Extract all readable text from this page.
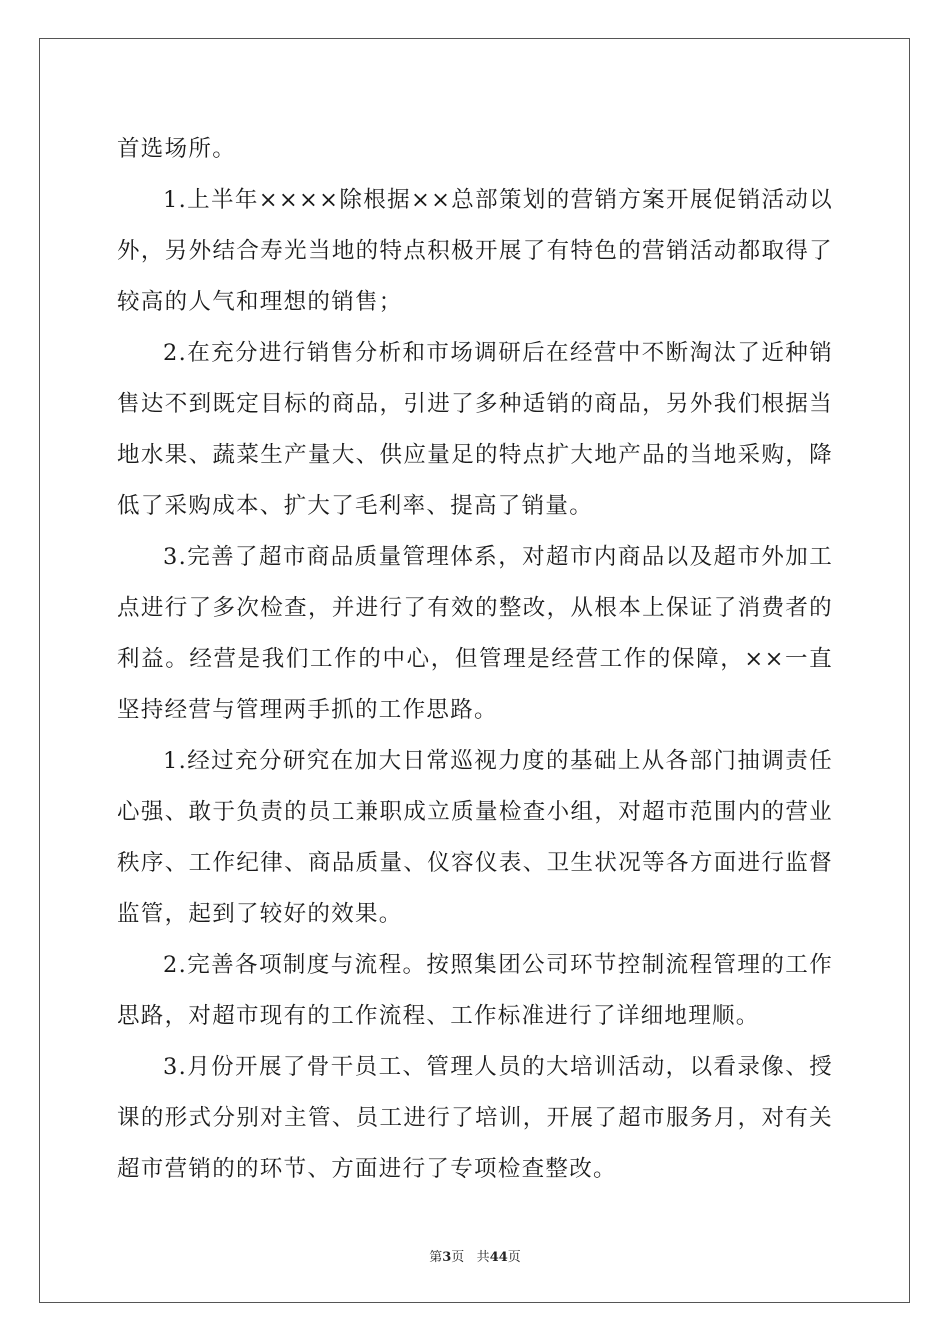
首选场所。

1.上半年××××除根据××总部策划的营销方案开展促销活动以外，另外结合寿光当地的特点积极开展了有特色的营销活动都取得了较高的人气和理想的销售；

2.在充分进行销售分析和市场调研后在经营中不断淘汰了近种销售达不到既定目标的商品，引进了多种适销的商品，另外我们根据当地水果、蔬菜生产量大、供应量足的特点扩大地产品的当地采购，降低了采购成本、扩大了毛利率、提高了销量。

3.完善了超市商品质量管理体系，对超市内商品以及超市外加工点进行了多次检查，并进行了有效的整改，从根本上保证了消费者的利益。经营是我们工作的中心，但管理是经营工作的保障，××一直坚持经营与管理两手抓的工作思路。

1.经过充分研究在加大日常巡视力度的基础上从各部门抽调责任心强、敢于负责的员工兼职成立质量检查小组，对超市范围内的营业秩序、工作纪律、商品质量、仪容仪表、卫生状况等各方面进行监督监管，起到了较好的效果。

2.完善各项制度与流程。按照集团公司环节控制流程管理的工作思路，对超市现有的工作流程、工作标准进行了详细地理顺。

3.月份开展了骨干员工、管理人员的大培训活动，以看录像、授课的形式分别对主管、员工进行了培训，开展了超市服务月，对有关超市营销的的环节、方面进行了专项检查整改。

第3页 共44页
